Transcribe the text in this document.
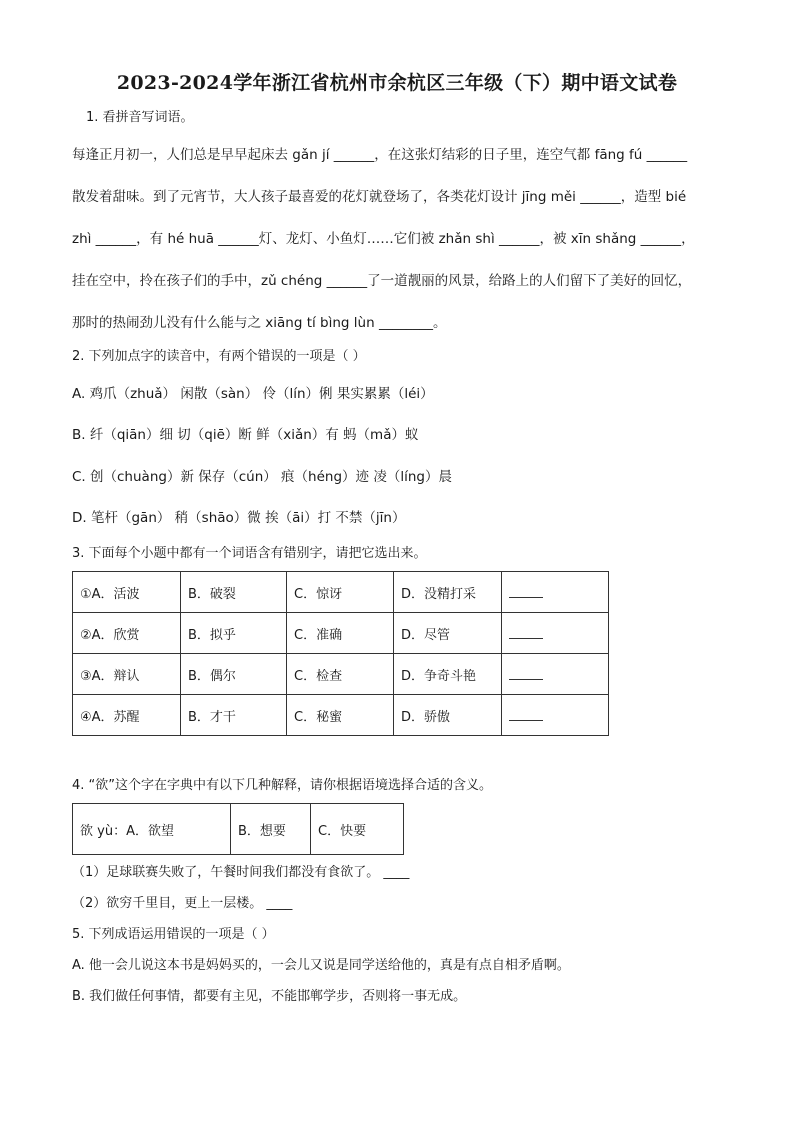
2023-2024学年浙江省杭州市余杭区三年级（下）期中语文试卷
1. 看拼音写词语。
每逢正月初一，人们总是早早起床去 gǎn jí ______，在这张灯结彩的日子里，连空气都 fāng fú ______
散发着甜味。到了元宵节，大人孩子最喜爱的花灯就登场了，各类花灯设计 jīng měi ______，造型 bié
zhì ______，有 hé huā ______灯、龙灯、小鱼灯……它们被 zhǎn shì ______，被 xīn shǎng ______，
挂在空中，拎在孩子们的手中，zǔ chéng ______了一道靓丽的风景，给路上的人们留下了美好的回忆，
那时的热闹劲儿没有什么能与之 xiāng tí bìng lùn ________。
2. 下列加点字的读音中，有两个错误的一项是（ ）
A. 鸡爪（zhuǎ） 闲散（sàn） 伶（lín）俐 果实累累（léi）
B. 纤（qiān）细 切（qiē）断 鲜（xiǎn）有 蚂（mǎ）蚁
C. 创（chuàng）新 保存（cún） 痕（héng）迹 凌（líng）晨
D. 笔杆（gān） 稍（shāo）微 挨（āi）打 不禁（jīn）
3. 下面每个小题中都有一个词语含有错别字，请把它选出来。
①A．活波	B．破裂	C．惊讶	D．没精打采	
②A．欣赏	B．拟乎	C．准确	D．尽管	
③A．辩认	B．偶尔	C．检查	D．争奇斗艳	
④A．苏醒	B．才干	C．秘蜜	D．骄傲	
4. “欲”这个字在字典中有以下几种解释，请你根据语境选择合适的含义。
欲 yù：A．欲望	B．想要	C．快要
（1）足球联赛失败了，午餐时间我们都没有食欲了。 ____
（2）欲穷千里目，更上一层楼。 ____
5. 下列成语运用错误的一项是（ ）
A. 他一会儿说这本书是妈妈买的，一会儿又说是同学送给他的，真是有点自相矛盾啊。
B. 我们做任何事情，都要有主见，不能邯郸学步，否则将一事无成。
